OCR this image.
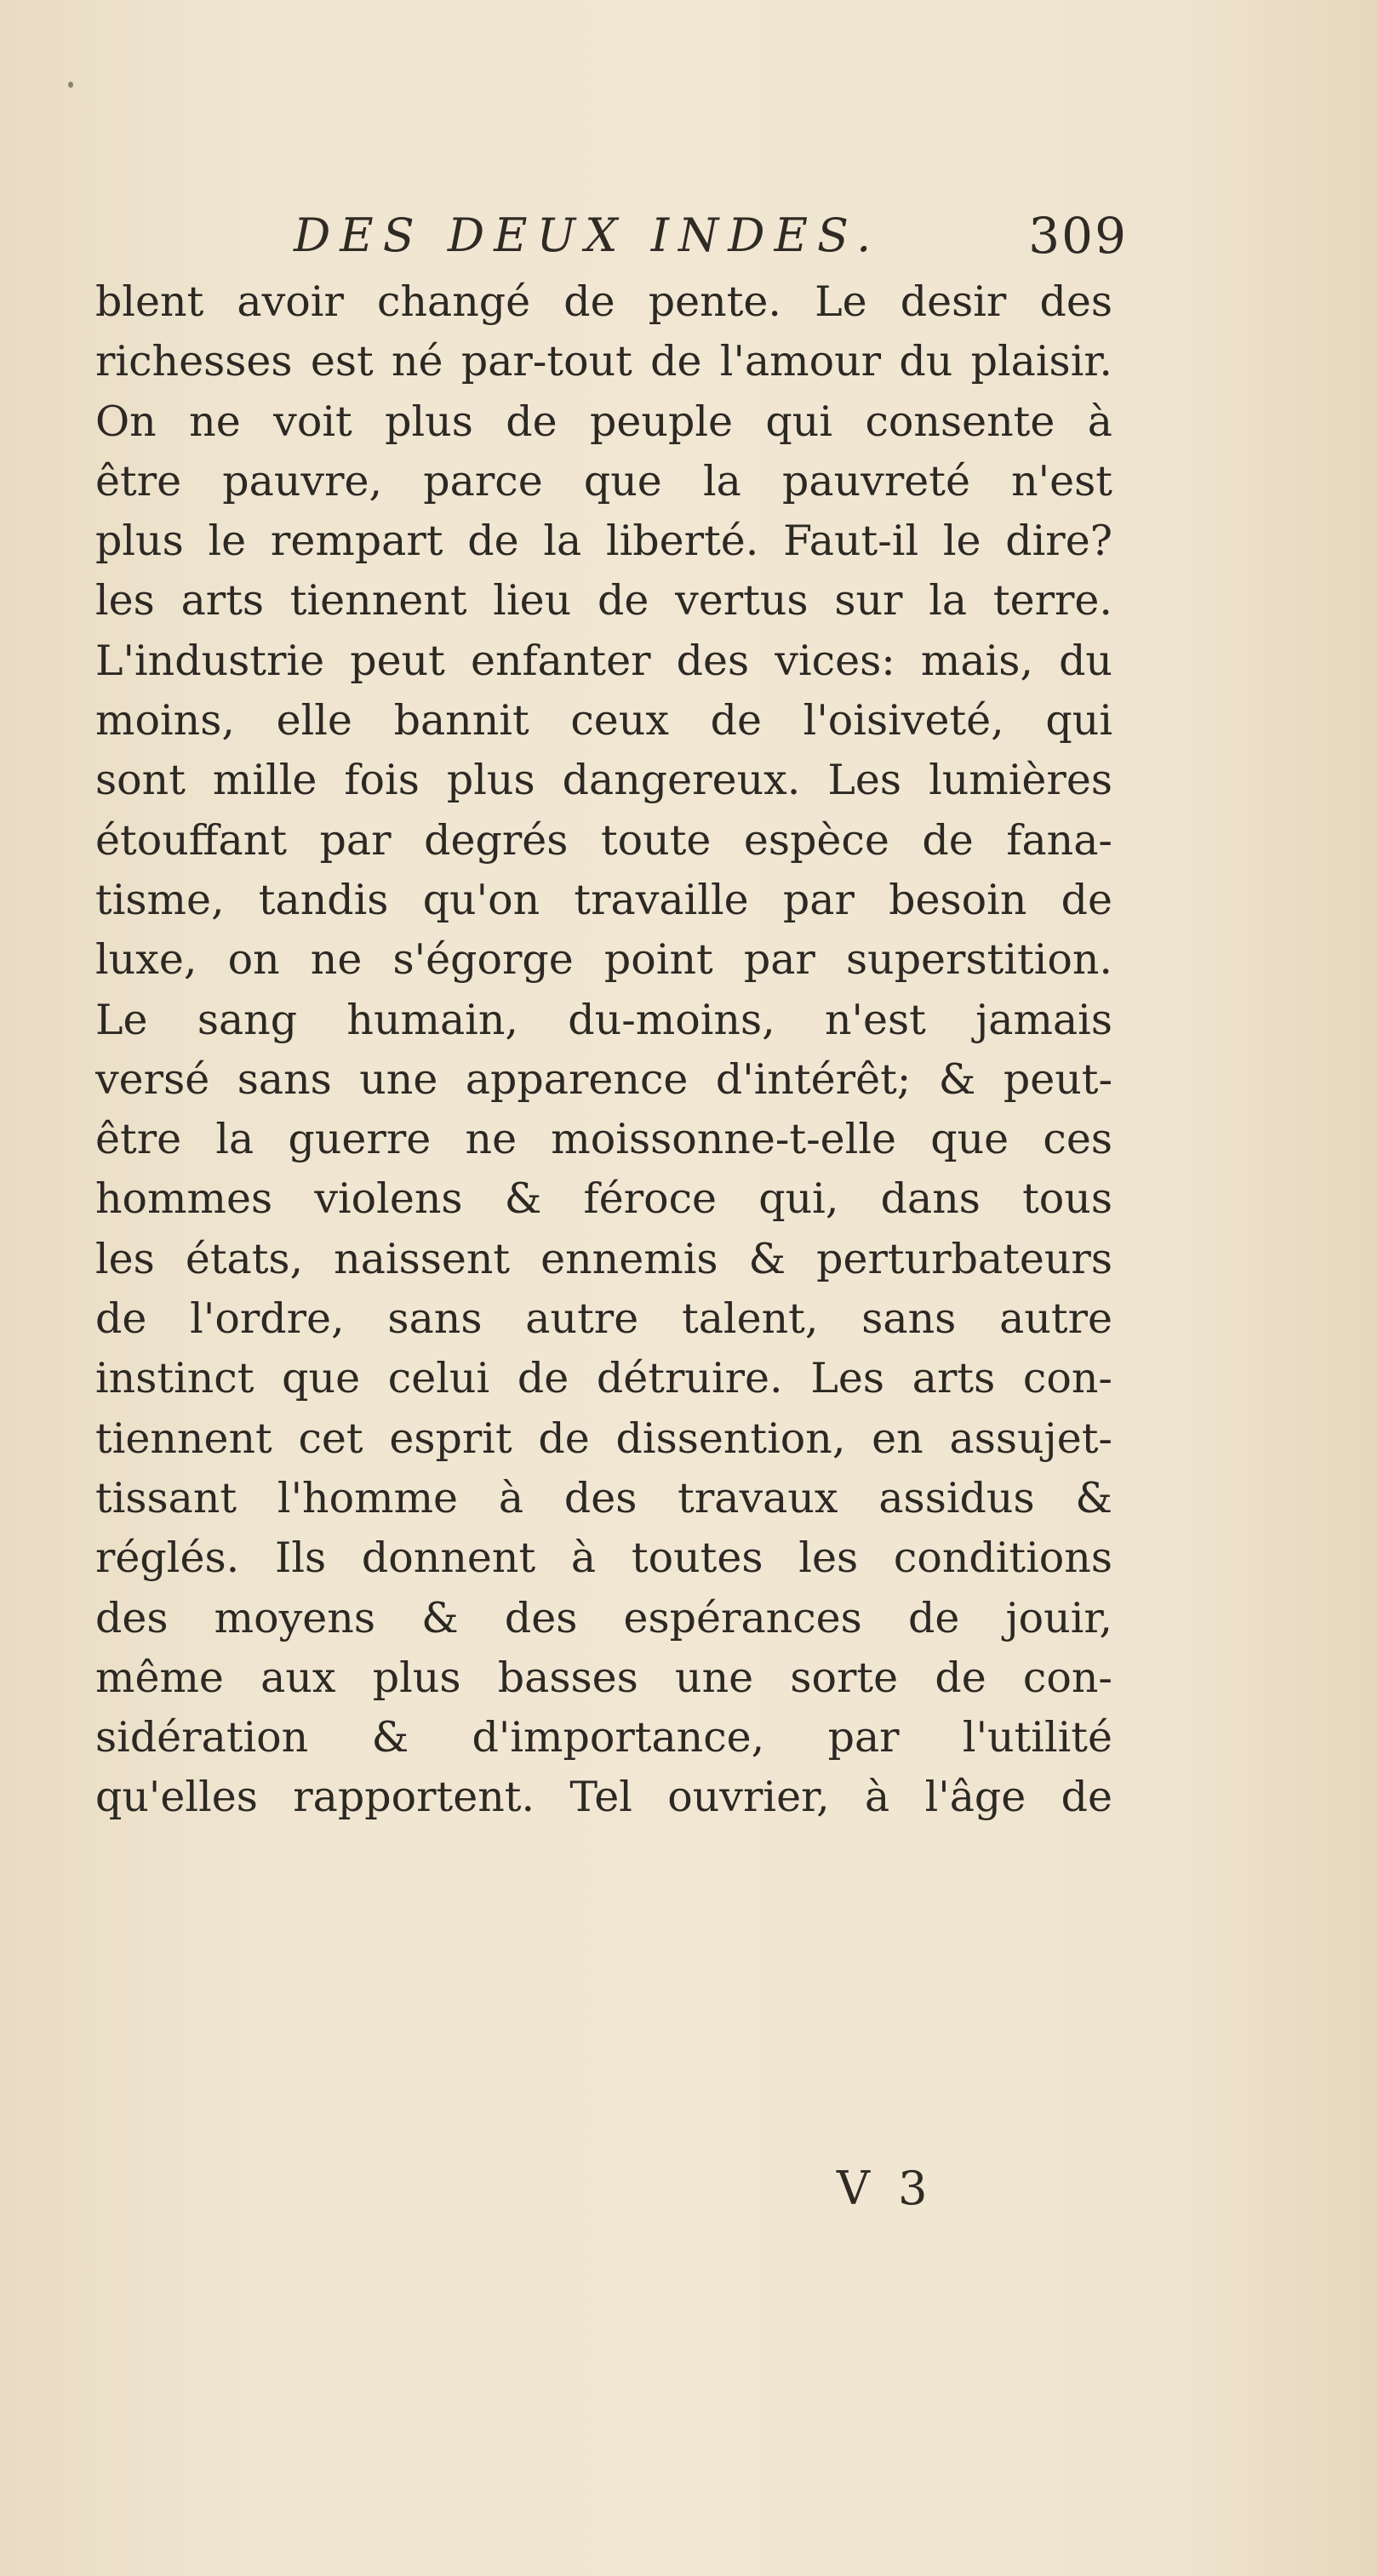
DES DEUX INDES.	309
blent avoir changé de pente. Le desir des
richesses est né par-tout de l'amour du plaisir.
On ne voit plus de peuple qui consente à
être pauvre, parce que la pauvreté n'est
plus le rempart de la liberté. Faut-il le dire?
les arts tiennent lieu de vertus sur la terre.
L'industrie peut enfanter des vices: mais, du
moins, elle bannit ceux de l'oisiveté, qui
sont mille fois plus dangereux. Les lumières
étouffant par degrés toute espèce de fana-
tisme, tandis qu'on travaille par besoin de
luxe, on ne s'égorge point par superstition.
Le sang humain, du-moins, n'est jamais
versé sans une apparence d'intérêt; & peut-
être la guerre ne moissonne-t-elle que ces
hommes violens & féroce qui, dans tous
les états, naissent ennemis & perturbateurs
de l'ordre, sans autre talent, sans autre
instinct que celui de détruire. Les arts con-
tiennent cet esprit de dissention, en assujet-
tissant l'homme à des travaux assidus &
réglés. Ils donnent à toutes les conditions
des moyens & des espérances de jouir,
même aux plus basses une sorte de con-
sidération & d'importance, par l'utilité
qu'elles rapportent. Tel ouvrier, à l'âge de
V 3
